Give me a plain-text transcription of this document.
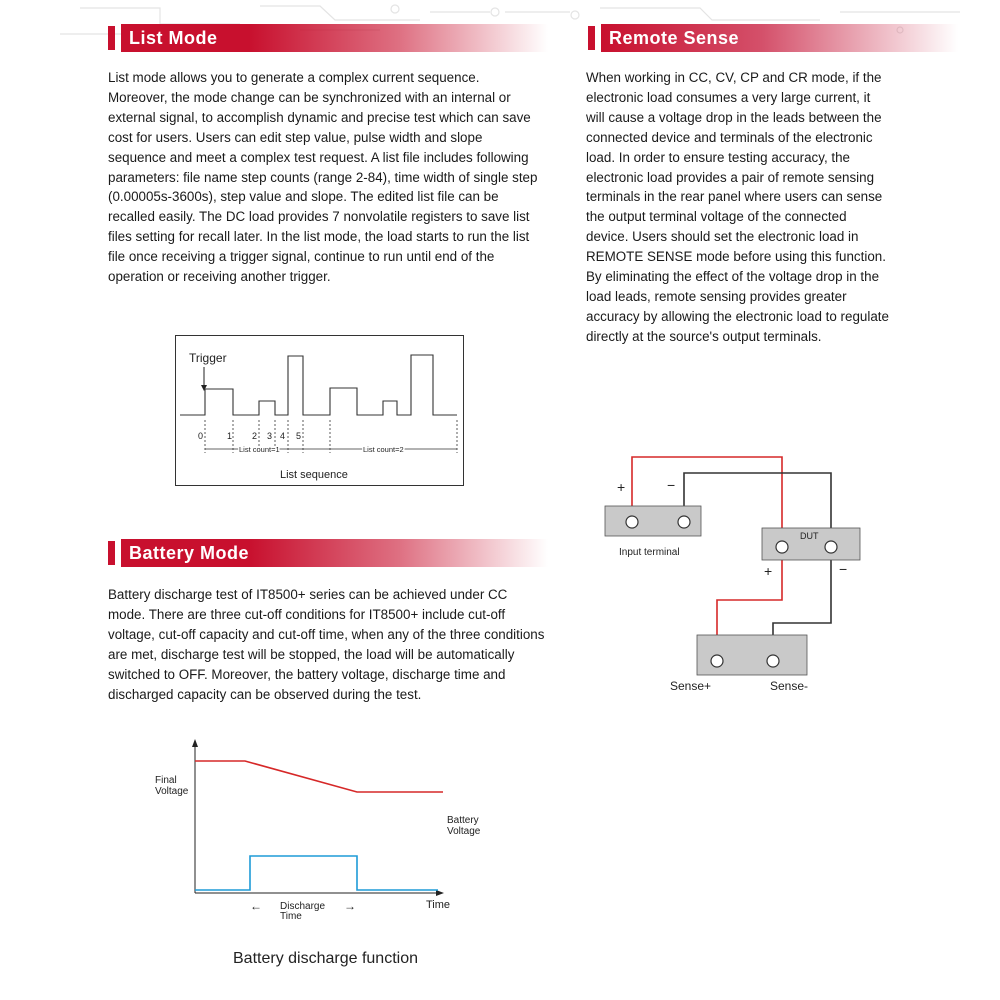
List Mode

List mode allows you to generate a complex current sequence. Moreover, the mode change can be synchronized with an internal or external signal, to accomplish dynamic and precise test which can save cost for users. Users can edit step value, pulse width and slope sequence and meet a complex test request. A list file includes following parameters: file name step counts (range 2-84), time width of single step (0.00005s-3600s), step value and slope. The edited list file can be recalled easily. The DC load provides 7 nonvolatile registers to save list files setting for recall later. In the list mode, the load starts to run the list file once receiving a trigger signal, continue to run until end of the operation or receiving another trigger.

Remote Sense

When working in CC, CV, CP and CR mode, if the electronic load consumes a very large current, it will cause a voltage drop in the leads between the connected device and terminals of the electronic load. In order to ensure testing accuracy, the electronic load provides a pair of remote sensing terminals in the rear panel where users can sense the output terminal voltage of the connected device. Users should set the electronic load in REMOTE SENSE mode before using this function. By eliminating the effect of the voltage drop in the load leads, remote sensing provides greater accuracy by allowing the electronic load to regulate directly at the source's output terminals.

Trigger
0	1 2 3 4 5
List count=1	List count=2
List sequence
+	−
Input terminal
DUT
+	−
Sense+	Sense-
Battery Mode

Battery discharge test of IT8500+ series can be achieved under CC mode. There are three cut-off conditions for IT8500+ include cut-off voltage, cut-off capacity and cut-off time, when any of the three conditions are met, discharge test will be stopped, the load will be automatically switched to OFF. Moreover, the battery voltage, discharge time and discharged capacity can be observed during the test.

Final
Voltage
Battery
Voltage
←	→
Discharge
Time
Time
Battery discharge function
